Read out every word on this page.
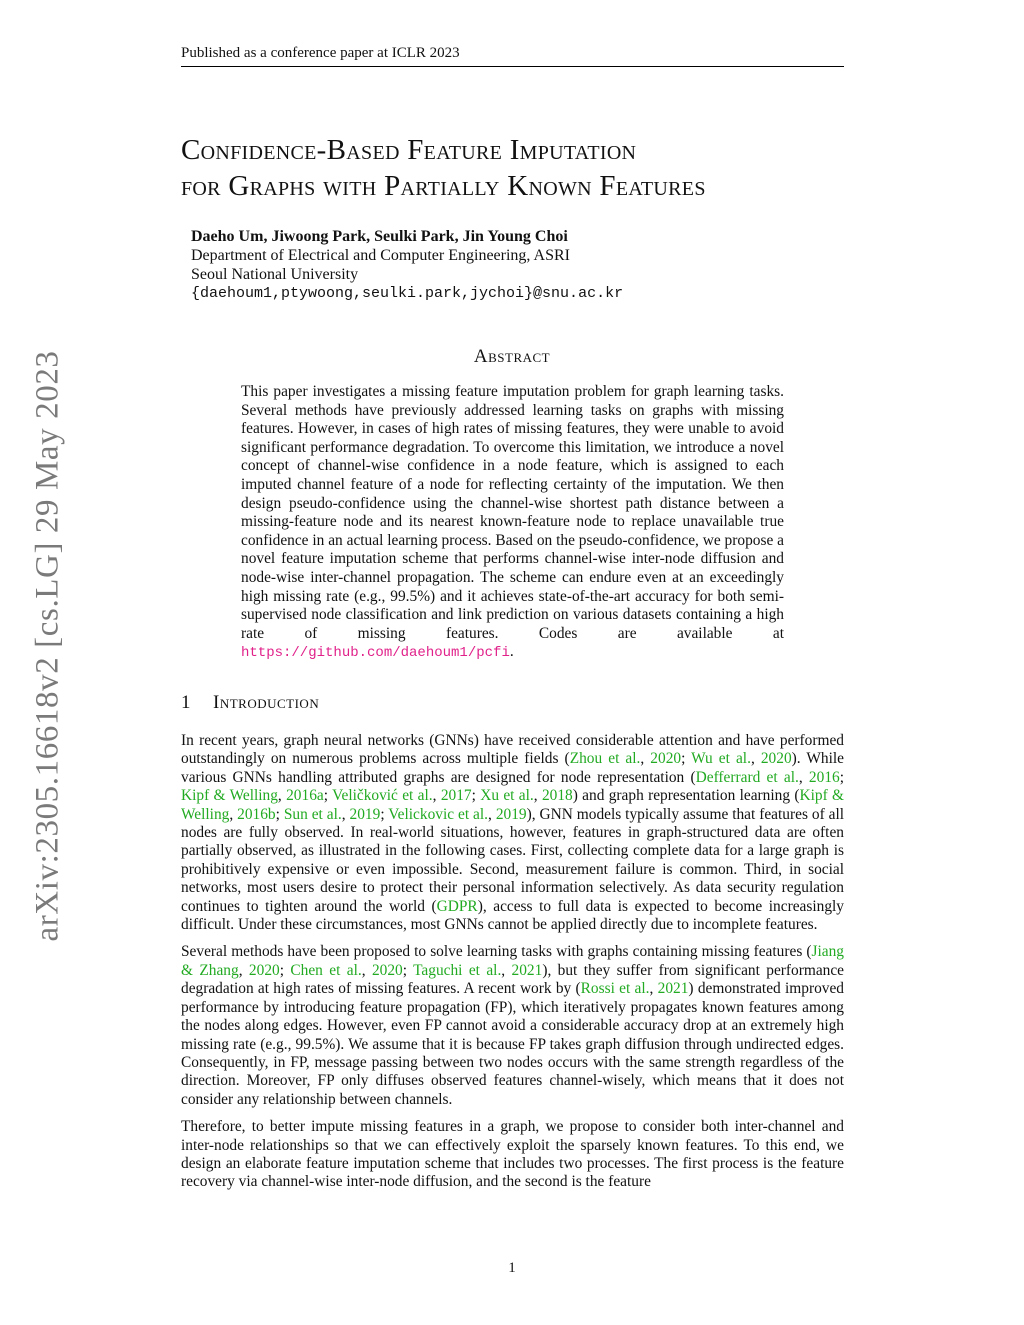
Published as a conference paper at ICLR 2023
arXiv:2305.16618v2 [cs.LG] 29 May 2023
Confidence-Based Feature Imputation
for Graphs with Partially Known Features
Daeho Um, Jiwoong Park, Seulki Park, Jin Young Choi
Department of Electrical and Computer Engineering, ASRI
Seoul National University
{daehoum1,ptywoong,seulki.park,jychoi}@snu.ac.kr
Abstract

This paper investigates a missing feature imputation problem for graph learning tasks. Several methods have previously addressed learning tasks on graphs with missing features. However, in cases of high rates of missing features, they were unable to avoid significant performance degradation. To overcome this limitation, we introduce a novel concept of channel-wise confidence in a node feature, which is assigned to each imputed channel feature of a node for reflecting certainty of the imputation. We then design pseudo-confidence using the channel-wise shortest path distance between a missing-feature node and its nearest known-feature node to replace unavailable true confidence in an actual learning process. Based on the pseudo-confidence, we propose a novel feature imputation scheme that performs channel-wise inter-node diffusion and node-wise inter-channel propagation. The scheme can endure even at an exceedingly high missing rate (e.g., 99.5%) and it achieves state-of-the-art accuracy for both semi-supervised node classification and link prediction on various datasets containing a high rate of missing features. Codes are available at https://github.com/daehoum1/pcfi.

1 Introduction

In recent years, graph neural networks (GNNs) have received considerable attention and have performed outstandingly on numerous problems across multiple fields (Zhou et al., 2020; Wu et al., 2020). While various GNNs handling attributed graphs are designed for node representation (Defferrard et al., 2016; Kipf & Welling, 2016a; Veličković et al., 2017; Xu et al., 2018) and graph representation learning (Kipf & Welling, 2016b; Sun et al., 2019; Velickovic et al., 2019), GNN models typically assume that features of all nodes are fully observed. In real-world situations, however, features in graph-structured data are often partially observed, as illustrated in the following cases. First, collecting complete data for a large graph is prohibitively expensive or even impossible. Second, measurement failure is common. Third, in social networks, most users desire to protect their personal information selectively. As data security regulation continues to tighten around the world (GDPR), access to full data is expected to become increasingly difficult. Under these circumstances, most GNNs cannot be applied directly due to incomplete features.

Several methods have been proposed to solve learning tasks with graphs containing missing features (Jiang & Zhang, 2020; Chen et al., 2020; Taguchi et al., 2021), but they suffer from significant performance degradation at high rates of missing features. A recent work by (Rossi et al., 2021) demonstrated improved performance by introducing feature propagation (FP), which iteratively propagates known features among the nodes along edges. However, even FP cannot avoid a considerable accuracy drop at an extremely high missing rate (e.g., 99.5%). We assume that it is because FP takes graph diffusion through undirected edges. Consequently, in FP, message passing between two nodes occurs with the same strength regardless of the direction. Moreover, FP only diffuses observed features channel-wisely, which means that it does not consider any relationship between channels.

Therefore, to better impute missing features in a graph, we propose to consider both inter-channel and inter-node relationships so that we can effectively exploit the sparsely known features. To this end, we design an elaborate feature imputation scheme that includes two processes. The first process is the feature recovery via channel-wise inter-node diffusion, and the second is the feature

1
